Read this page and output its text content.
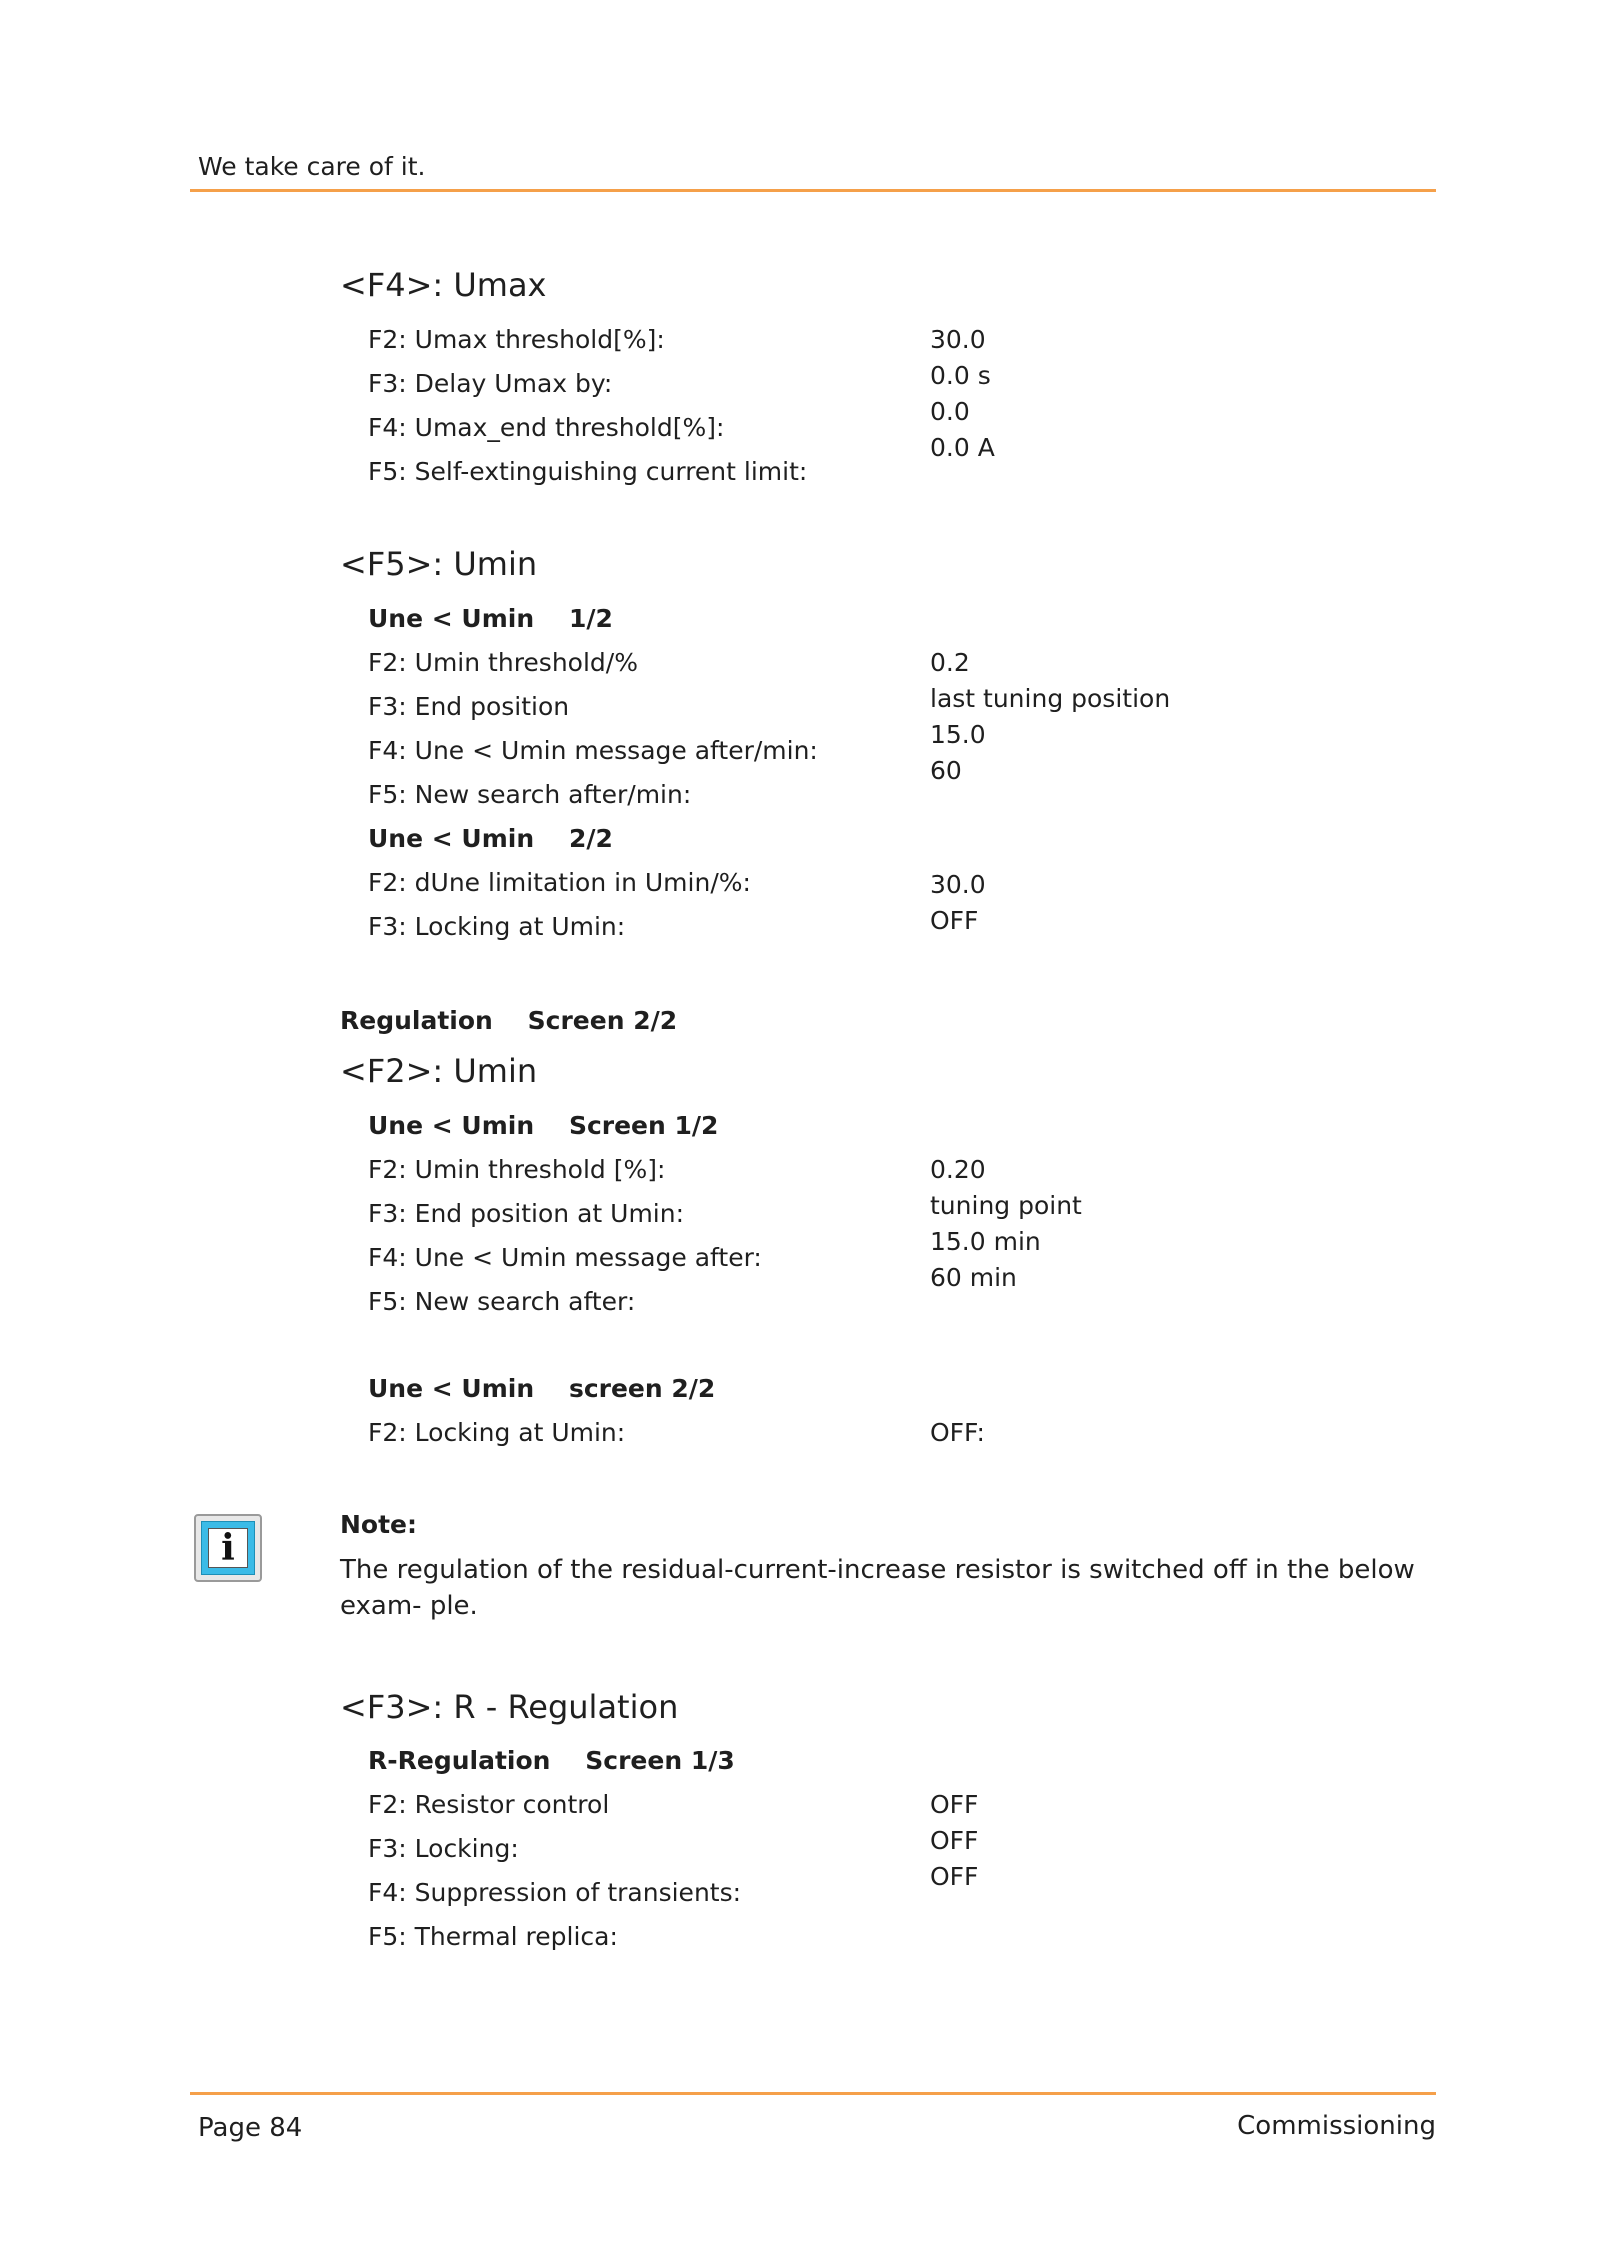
We take care of it.
<F4>: Umax
F2: Umax threshold[%]:
F3: Delay Umax by:
F4: Umax_end threshold[%]:
F5: Self-extinguishing current limit:
30.0
0.0 s
0.0
0.0 A
<F5>: Umin
Une < Umin    1/2
F2: Umin threshold/%
F3: End position
F4: Une < Umin message after/min:
F5: New search after/min:
0.2
last tuning position
15.0
60
Une < Umin    2/2
F2: dUne limitation in Umin/%:
F3: Locking at Umin:
30.0
OFF
Regulation    Screen 2/2
<F2>: Umin
Une < Umin    Screen 1/2
F2: Umin threshold [%]:
F3: End position at Umin:
F4: Une < Umin message after:
F5: New search after:
0.20
tuning point
15.0 min
60 min
Une < Umin    screen 2/2
F2: Locking at Umin:	OFF:
i
Note:
The regulation of the residual-current-increase resistor is switched off in the below exam- ple.
<F3>: R - Regulation
R-Regulation    Screen 1/3
F2: Resistor control
F3: Locking:
F4: Suppression of transients:
F5: Thermal replica:
OFF
OFF
OFF
Page 84	Commissioning
